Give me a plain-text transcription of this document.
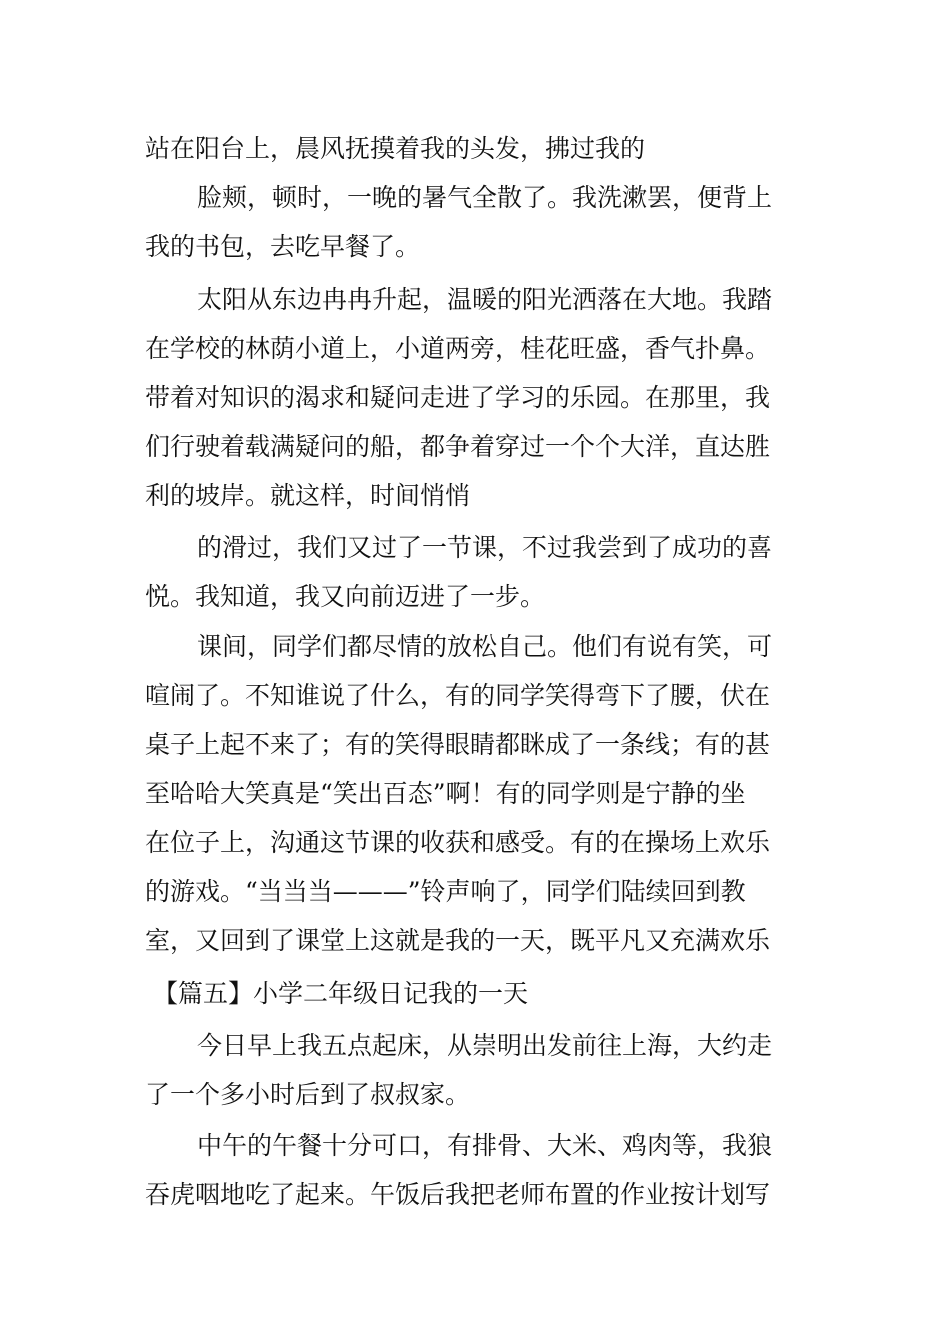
站在阳台上，晨风抚摸着我的头发，拂过我的
脸颊，顿时，一晚的暑气全散了。我洗漱罢，便背上
我的书包，去吃早餐了。
太阳从东边冉冉升起，温暖的阳光洒落在大地。我踏
在学校的林荫小道上，小道两旁，桂花旺盛，香气扑鼻。
带着对知识的渴求和疑问走进了学习的乐园。在那里，我
们行驶着载满疑问的船，都争着穿过一个个大洋，直达胜
利的坡岸。就这样，时间悄悄
的滑过，我们又过了一节课，不过我尝到了成功的喜
悦。我知道，我又向前迈进了一步。
课间，同学们都尽情的放松自己。他们有说有笑，可
喧闹了。不知谁说了什么，有的同学笑得弯下了腰，伏在
桌子上起不来了；有的笑得眼睛都眯成了一条线；有的甚
至哈哈大笑真是“笑出百态”啊！有的同学则是宁静的坐
在位子上，沟通这节课的收获和感受。有的在操场上欢乐
的游戏。“当当当———”铃声响了，同学们陆续回到教
室，又回到了课堂上这就是我的一天，既平凡又充满欢乐
【篇五】小学二年级日记我的一天
今日早上我五点起床，从崇明出发前往上海，大约走
了一个多小时后到了叔叔家。
中午的午餐十分可口，有排骨、大米、鸡肉等，我狼
吞虎咽地吃了起来。午饭后我把老师布置的作业按计划写
